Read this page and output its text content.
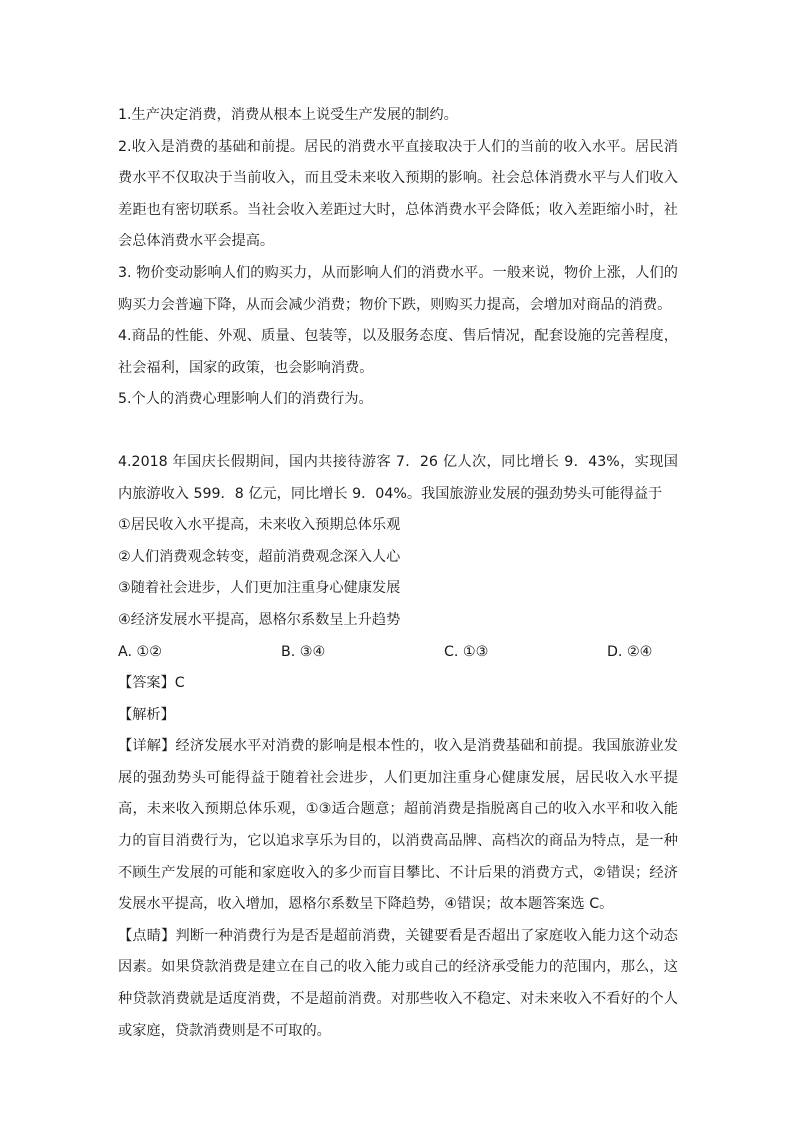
1.生产决定消费，消费从根本上说受生产发展的制约。

2.收入是消费的基础和前提。居民的消费水平直接取决于人们的当前的收入水平。居民消费水平不仅取决于当前收入，而且受未来收入预期的影响。社会总体消费水平与人们收入差距也有密切联系。当社会收入差距过大时，总体消费水平会降低；收入差距缩小时，社会总体消费水平会提高。

3. 物价变动影响人们的购买力，从而影响人们的消费水平。一般来说，物价上涨，人们的购买力会普遍下降，从而会减少消费；物价下跌，则购买力提高，会增加对商品的消费。

4.商品的性能、外观、质量、包装等，以及服务态度、售后情况，配套设施的完善程度，社会福利，国家的政策，也会影响消费。

5.个人的消费心理影响人们的消费行为。

4.2018 年国庆长假期间，国内共接待游客 7．26 亿人次，同比增长 9．43%，实现国内旅游收入 599．8 亿元，同比增长 9．04%。我国旅游业发展的强劲势头可能得益于

①居民收入水平提高，未来收入预期总体乐观

②人们消费观念转变，超前消费观念深入人心

③随着社会进步，人们更加注重身心健康发展

④经济发展水平提高，恩格尔系数呈上升趋势

A. ①②	B. ③④	C. ①③	D. ②④

【答案】C

【解析】

【详解】经济发展水平对消费的影响是根本性的，收入是消费基础和前提。我国旅游业发展的强劲势头可能得益于随着社会进步，人们更加注重身心健康发展，居民收入水平提高，未来收入预期总体乐观，①③适合题意；超前消费是指脱离自己的收入水平和收入能力的盲目消费行为，它以追求享乐为目的，以消费高品牌、高档次的商品为特点，是一种不顾生产发展的可能和家庭收入的多少而盲目攀比、不计后果的消费方式，②错误；经济发展水平提高，收入增加，恩格尔系数呈下降趋势，④错误；故本题答案选 C。

【点睛】判断一种消费行为是否是超前消费，关键要看是否超出了家庭收入能力这个动态因素。如果贷款消费是建立在自己的收入能力或自己的经济承受能力的范围内，那么，这种贷款消费就是适度消费，不是超前消费。对那些收入不稳定、对未来收入不看好的个人或家庭，贷款消费则是不可取的。
